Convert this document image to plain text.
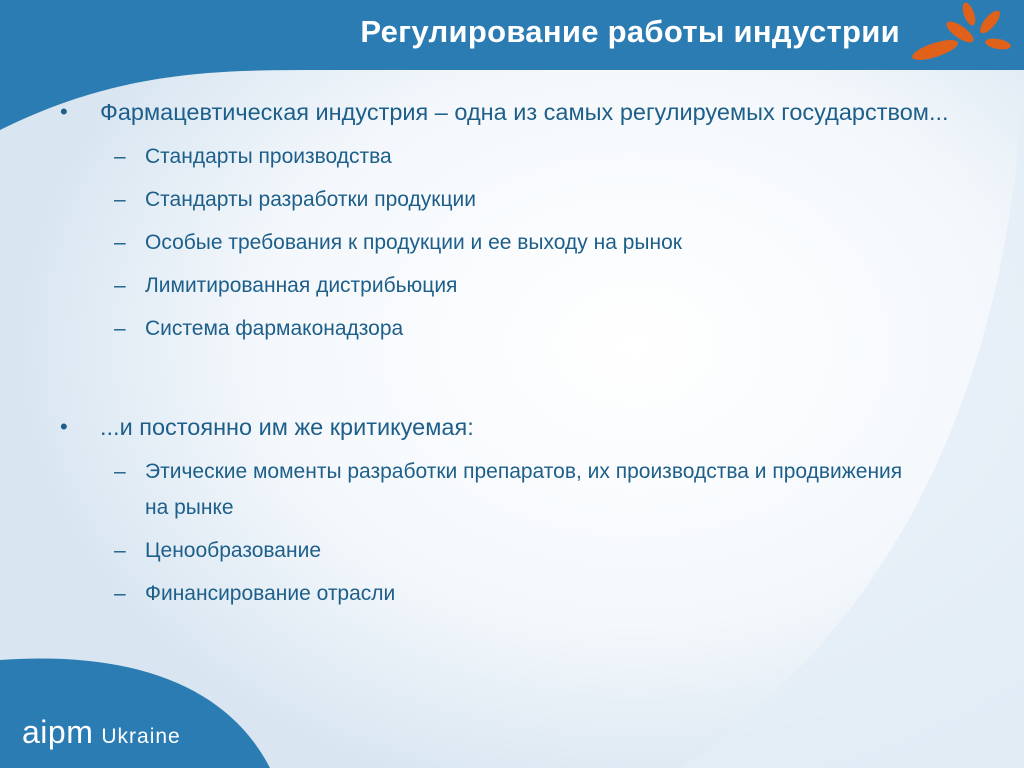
Регулирование работы индустрии
•	Фармацевтическая индустрия – одна из самых регулируемых государством...
– Стандарты производства
– Стандарты разработки продукции
– Особые требования к продукции и ее выходу на рынок
– Лимитированная дистрибьюция
– Система фармаконадзора
•	...и постоянно им же критикуемая:
– Этические моменты разработки препаратов, их производства и продвижения на рынке
– Ценообразование
– Финансирование отрасли
aipm Ukraine
